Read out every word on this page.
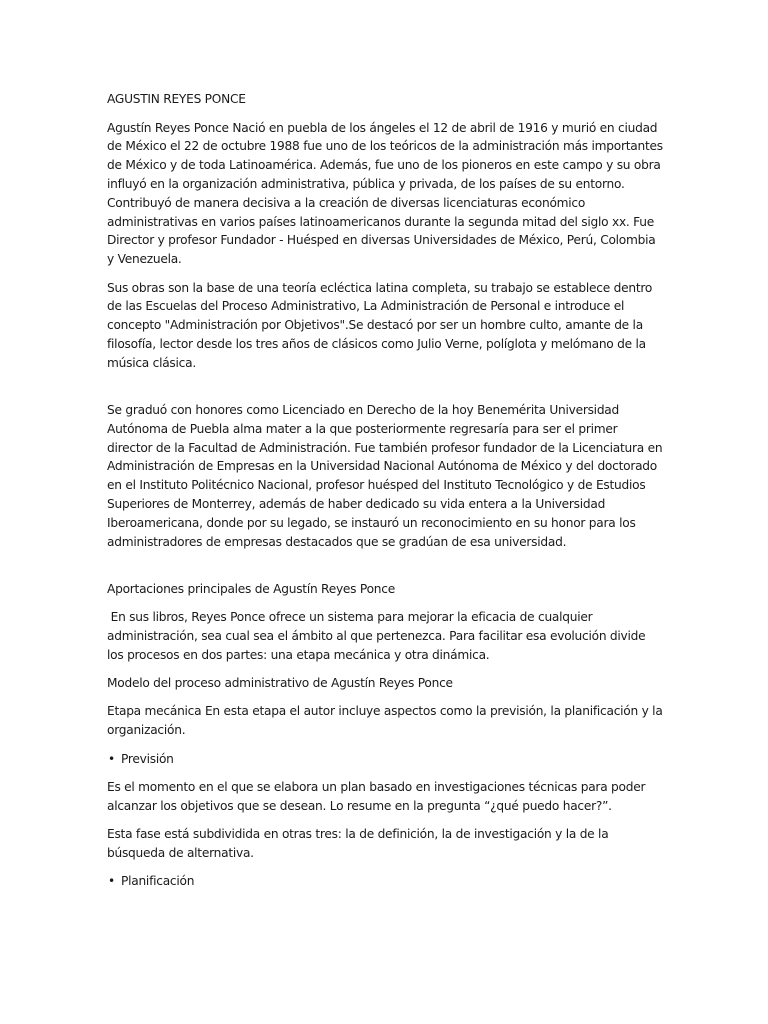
AGUSTIN REYES PONCE

Agustín Reyes Ponce Nació en puebla de los ángeles el 12 de abril de 1916 y murió en ciudad de México el 22 de octubre 1988 fue uno de los teóricos de la administración más importantes de México y de toda Latinoamérica. Además, fue uno de los pioneros en este campo y su obra influyó en la organización administrativa, pública y privada, de los países de su entorno. Contribuyó de manera decisiva a la creación de diversas licenciaturas económico administrativas en varios países latinoamericanos durante la segunda mitad del siglo xx. Fue Director y profesor Fundador - Huésped en diversas Universidades de México, Perú, Colombia y Venezuela.

Sus obras son la base de una teoría ecléctica latina completa, su trabajo se establece dentro de las Escuelas del Proceso Administrativo, La Administración de Personal e introduce el concepto "Administración por Objetivos".Se destacó por ser un hombre culto, amante de la filosofía, lector desde los tres años de clásicos como Julio Verne, políglota y melómano de la música clásica.

Se graduó con honores como Licenciado en Derecho de la hoy Benemérita Universidad Autónoma de Puebla alma mater a la que posteriormente regresaría para ser el primer director de la Facultad de Administración. Fue también profesor fundador de la Licenciatura en Administración de Empresas en la Universidad Nacional Autónoma de México y del doctorado en el Instituto Politécnico Nacional, profesor huésped del Instituto Tecnológico y de Estudios Superiores de Monterrey, además de haber dedicado su vida entera a la Universidad Iberoamericana, donde por su legado, se instauró un reconocimiento en su honor para los administradores de empresas destacados que se gradúan de esa universidad.

Aportaciones principales de Agustín Reyes Ponce

En sus libros, Reyes Ponce ofrece un sistema para mejorar la eficacia de cualquier administración, sea cual sea el ámbito al que pertenezca. Para facilitar esa evolución divide los procesos en dos partes: una etapa mecánica y otra dinámica.

Modelo del proceso administrativo de Agustín Reyes Ponce

Etapa mecánica En esta etapa el autor incluye aspectos como la previsión, la planificación y la organización.

• Previsión

Es el momento en el que se elabora un plan basado en investigaciones técnicas para poder alcanzar los objetivos que se desean. Lo resume en la pregunta “¿qué puedo hacer?”.

Esta fase está subdividida en otras tres: la de definición, la de investigación y la de la búsqueda de alternativa.

• Planificación
